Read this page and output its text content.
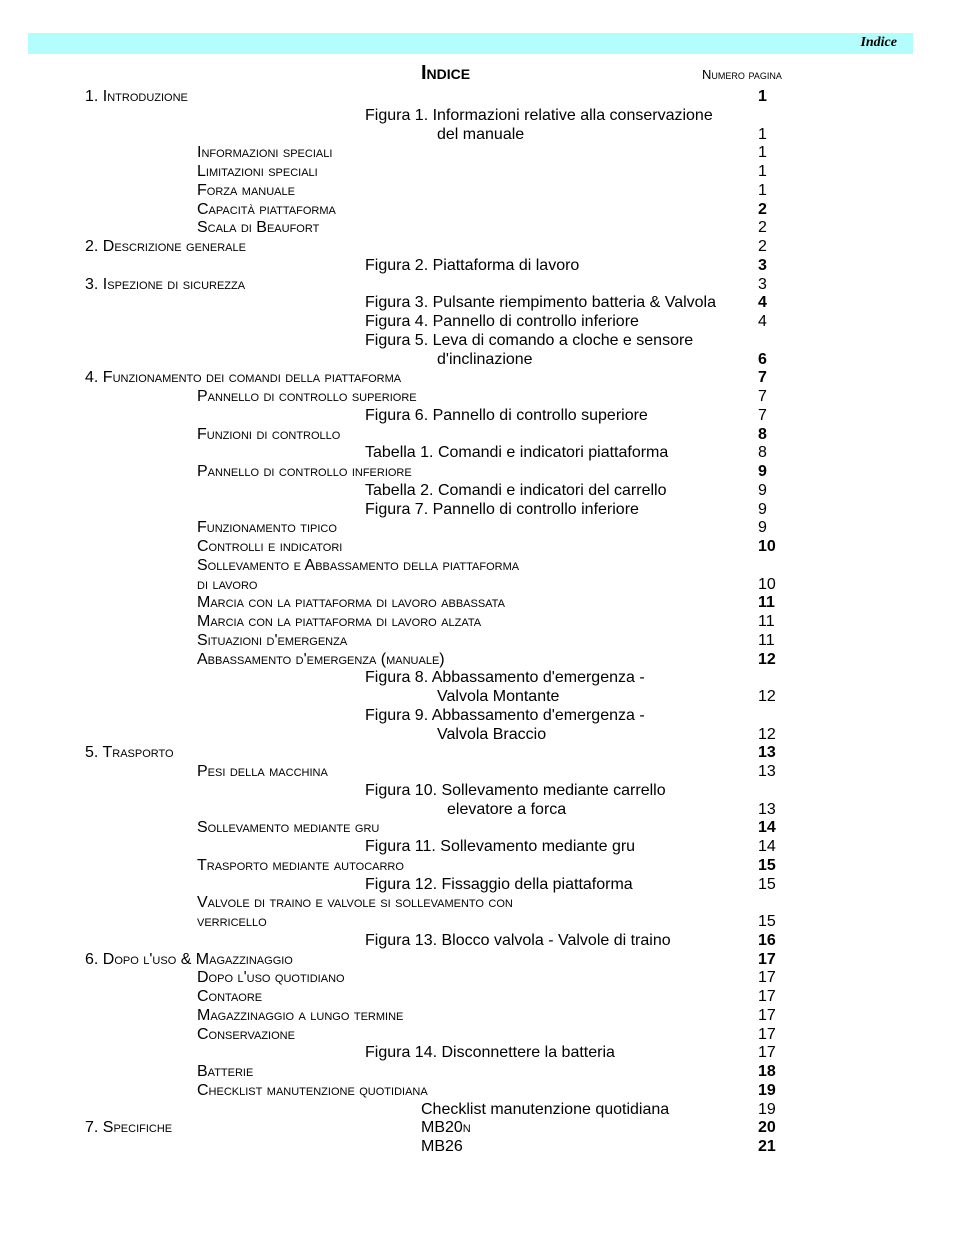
Indice
Indice	Numero pagina
1. Introduzione	1
Figura 1. Informazioni relative alla conservazione
del manuale	1
Informazioni speciali	1
Limitazioni speciali	1
Forza manuale	1
Capacità piattaforma	2
Scala di Beaufort	2
2. Descrizione generale	2
Figura 2. Piattaforma di lavoro	3
3. Ispezione di sicurezza	3
Figura 3. Pulsante riempimento batteria & Valvola	4
Figura 4. Pannello di controllo inferiore	4
Figura 5. Leva di comando a cloche e sensore
d'inclinazione	6
4. Funzionamento dei comandi della piattaforma	7
Pannello di controllo superiore	7
Figura 6. Pannello di controllo superiore	7
Funzioni di controllo	8
Tabella 1. Comandi e indicatori piattaforma	8
Pannello di controllo inferiore	9
Tabella 2. Comandi e indicatori del carrello	9
Figura 7. Pannello di controllo inferiore	9
Funzionamento tipico	9
Controlli e indicatori	10
Sollevamento e Abbassamento della piattaforma
di lavoro	10
Marcia con la piattaforma di lavoro abbassata	11
Marcia con la piattaforma di lavoro alzata	11
Situazioni d'emergenza	11
Abbassamento d'emergenza (manuale)	12
Figura 8. Abbassamento d'emergenza -
Valvola Montante	12
Figura 9. Abbassamento d'emergenza -
Valvola Braccio	12
5. Trasporto	13
Pesi della macchina	13
Figura 10. Sollevamento mediante carrello
elevatore a forca	13
Sollevamento mediante gru	14
Figura 11. Sollevamento mediante gru	14
Trasporto mediante autocarro	15
Figura 12. Fissaggio della piattaforma	15
Valvole di traino e valvole si sollevamento con
verricello	15
Figura 13. Blocco valvola - Valvole di traino	16
6. Dopo l'uso & Magazzinaggio	17
Dopo l'uso quotidiano	17
Contaore	17
Magazzinaggio a lungo termine	17
Conservazione	17
Figura 14. Disconnettere la batteria	17
Batterie	18
Checklist manutenzione quotidiana	19
Checklist manutenzione quotidiana	19
7. Specifiche	MB20n	20
MB26	21
